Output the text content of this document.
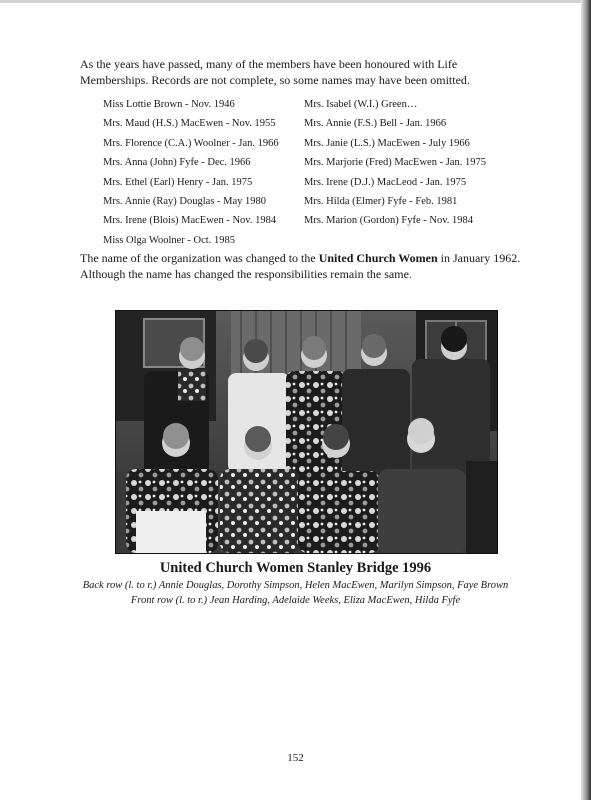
As the years have passed, many of the members have been honoured with Life Memberships. Records are not complete, so some names may have been omitted.

Miss Lottie Brown - Nov. 1946
Mrs. Maud (H.S.) MacEwen - Nov. 1955
Mrs. Florence (C.A.) Woolner - Jan. 1966
Mrs. Anna (John) Fyfe - Dec. 1966
Mrs. Ethel (Earl) Henry - Jan. 1975
Mrs. Annie (Ray) Douglas - May 1980
Mrs. Irene (Blois) MacEwen - Nov. 1984
Miss Olga Woolner - Oct. 1985
Mrs. Isabel (W.I.) Green…
Mrs. Annie (F.S.) Bell - Jan. 1966
Mrs. Janie (L.S.) MacEwen - July 1966
Mrs. Marjorie (Fred) MacEwen - Jan. 1975
Mrs. Irene (D.J.) MacLeod - Jan. 1975
Mrs. Hilda (Elmer) Fyfe - Feb. 1981
Mrs. Marion (Gordon) Fyfe - Nov. 1984

The name of the organization was changed to the United Church Women in January 1962. Although the name has changed the responsibilities remain the same.

United Church Women Stanley Bridge 1996

Back row (l. to r.) Annie Douglas, Dorothy Simpson, Helen MacEwen, Marilyn Simpson, Faye Brown

Front row (l. to r.) Jean Harding, Adelaide Weeks, Eliza MacEwen, Hilda Fyfe

152
